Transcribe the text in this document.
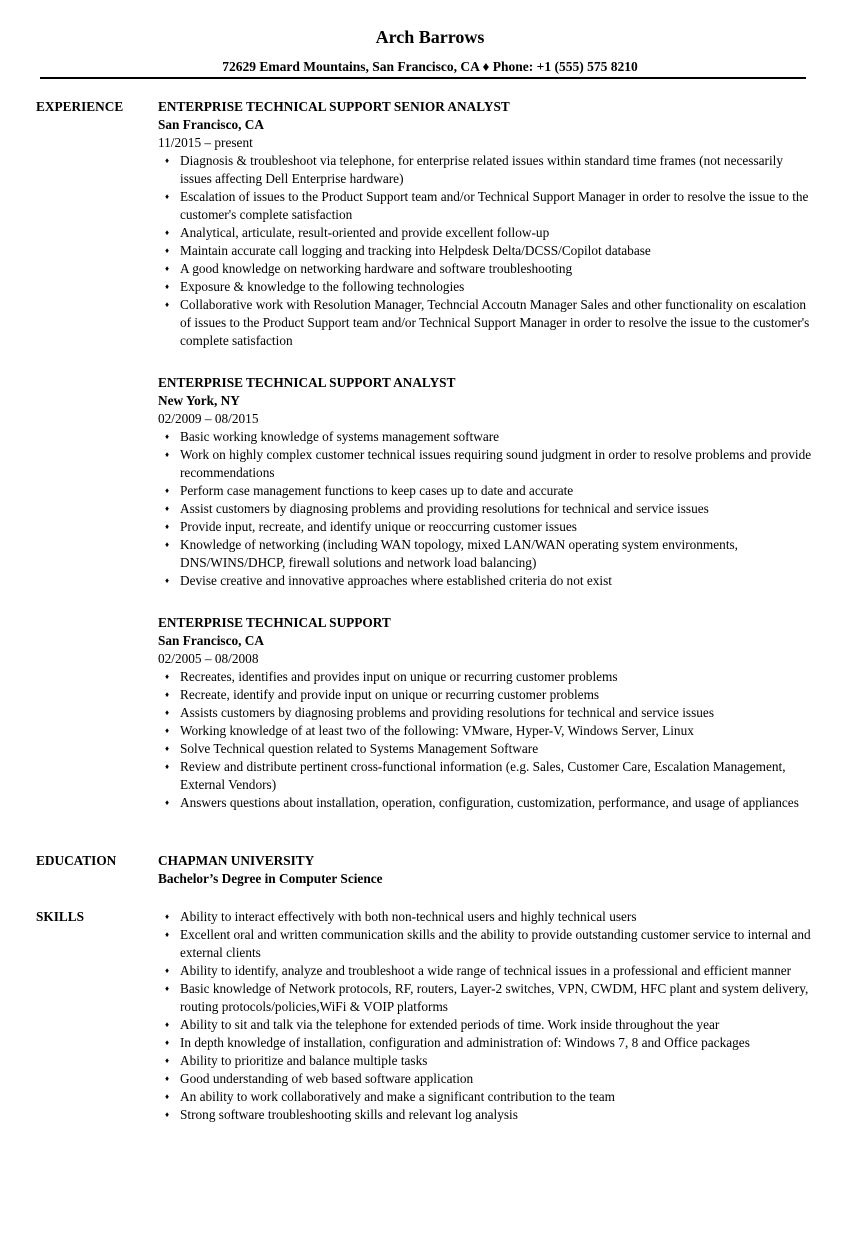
Arch Barrows
72629 Emard Mountains, San Francisco, CA ♦ Phone: +1 (555) 575 8210
EXPERIENCE	ENTERPRISE TECHNICAL SUPPORT SENIOR ANALYST
San Francisco, CA
11/2015 – present
♦ Diagnosis & troubleshoot via telephone, for enterprise related issues within standard time frames (not necessarily issues affecting Dell Enterprise hardware)
♦ Escalation of issues to the Product Support team and/or Technical Support Manager in order to resolve the issue to the customer's complete satisfaction
♦ Analytical, articulate, result-oriented and provide excellent follow-up
♦ Maintain accurate call logging and tracking into Helpdesk Delta/DCSS/Copilot database
♦ A good knowledge on networking hardware and software troubleshooting
♦ Exposure & knowledge to the following technologies
♦ Collaborative work with Resolution Manager, Techncial Accoutn Manager Sales and other functionality on escalation of issues to the Product Support team and/or Technical Support Manager in order to resolve the issue to the customer's complete satisfaction
ENTERPRISE TECHNICAL SUPPORT ANALYST
New York, NY
02/2009 – 08/2015
♦ Basic working knowledge of systems management software
♦ Work on highly complex customer technical issues requiring sound judgment in order to resolve problems and provide recommendations
♦ Perform case management functions to keep cases up to date and accurate
♦ Assist customers by diagnosing problems and providing resolutions for technical and service issues
♦ Provide input, recreate, and identify unique or reoccurring customer issues
♦ Knowledge of networking (including WAN topology, mixed LAN/WAN operating system environments, DNS/WINS/DHCP, firewall solutions and network load balancing)
♦ Devise creative and innovative approaches where established criteria do not exist
ENTERPRISE TECHNICAL SUPPORT
San Francisco, CA
02/2005 – 08/2008
♦ Recreates, identifies and provides input on unique or recurring customer problems
♦ Recreate, identify and provide input on unique or recurring customer problems
♦ Assists customers by diagnosing problems and providing resolutions for technical and service issues
♦ Working knowledge of at least two of the following: VMware, Hyper-V, Windows Server, Linux
♦ Solve Technical question related to Systems Management Software
♦ Review and distribute pertinent cross-functional information (e.g. Sales, Customer Care, Escalation Management, External Vendors)
♦ Answers questions about installation, operation, configuration, customization, performance, and usage of appliances
EDUCATION	CHAPMAN UNIVERSITY
Bachelor’s Degree in Computer Science
SKILLS	♦ Ability to interact effectively with both non-technical users and highly technical users
♦ Excellent oral and written communication skills and the ability to provide outstanding customer service to internal and external clients
♦ Ability to identify, analyze and troubleshoot a wide range of technical issues in a professional and efficient manner
♦ Basic knowledge of Network protocols, RF, routers, Layer-2 switches, VPN, CWDM, HFC plant and system delivery, routing protocols/policies,WiFi & VOIP platforms
♦ Ability to sit and talk via the telephone for extended periods of time. Work inside throughout the year
♦ In depth knowledge of installation, configuration and administration of: Windows 7, 8 and Office packages
♦ Ability to prioritize and balance multiple tasks
♦ Good understanding of web based software application
♦ An ability to work collaboratively and make a significant contribution to the team
♦ Strong software troubleshooting skills and relevant log analysis
